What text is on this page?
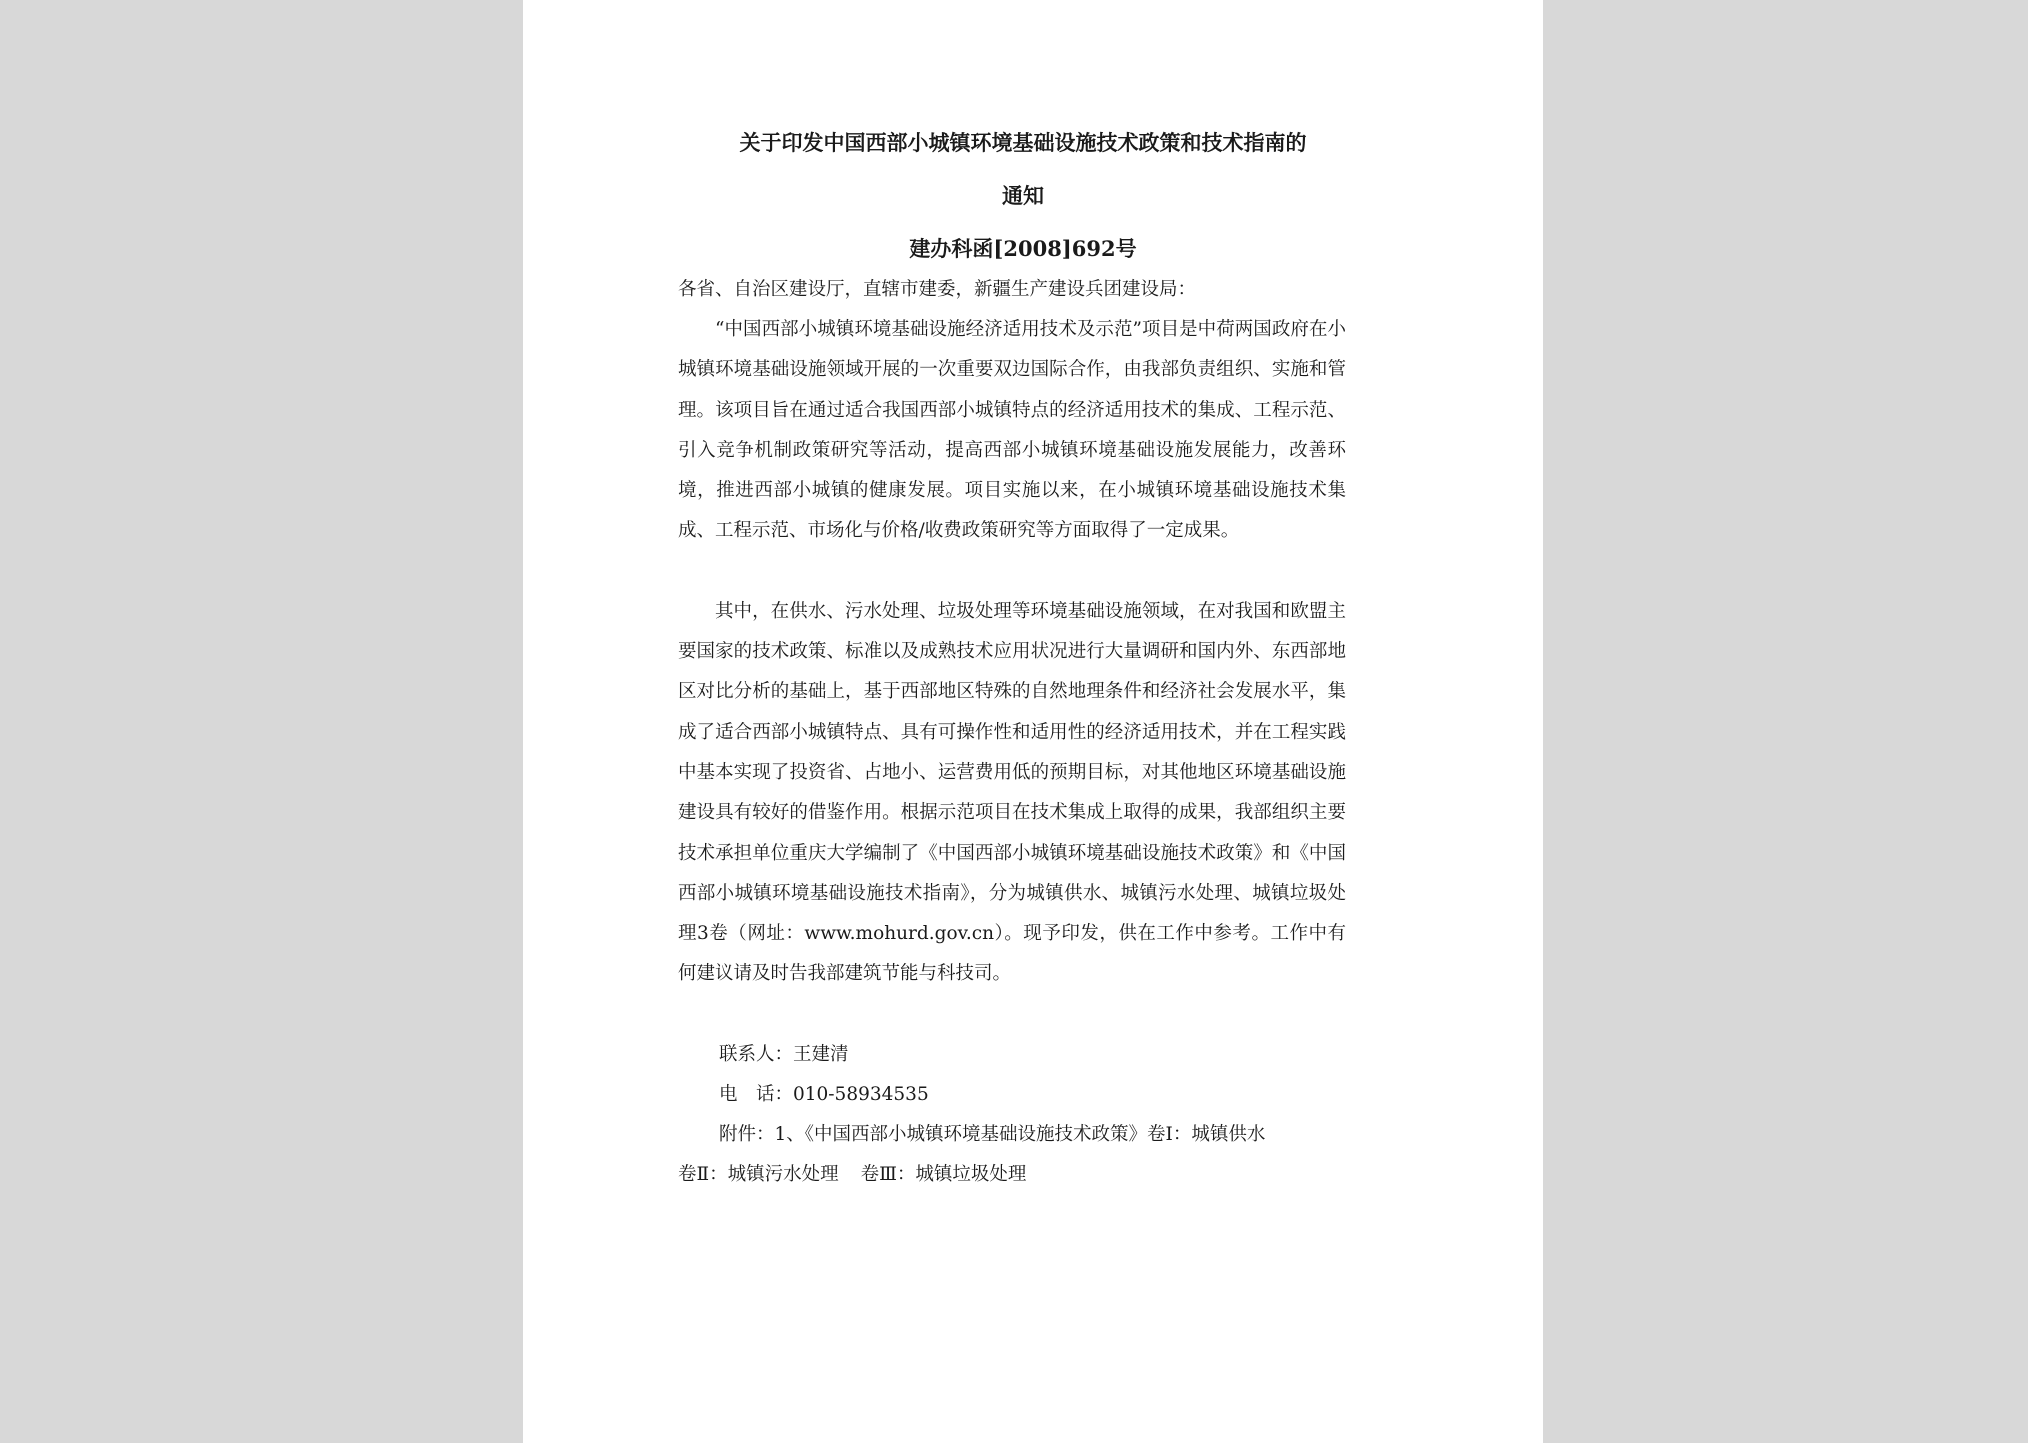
关于印发中国西部小城镇环境基础设施技术政策和技术指南的
通知
建办科函[2008]692号
各省、自治区建设厅，直辖市建委，新疆生产建设兵团建设局：

“中国西部小城镇环境基础设施经济适用技术及示范”项目是中荷两国政府在小城镇环境基础设施领域开展的一次重要双边国际合作，由我部负责组织、实施和管理。该项目旨在通过适合我国西部小城镇特点的经济适用技术的集成、工程示范、引入竞争机制政策研究等活动，提高西部小城镇环境基础设施发展能力，改善环境，推进西部小城镇的健康发展。项目实施以来，在小城镇环境基础设施技术集成、工程示范、市场化与价格/收费政策研究等方面取得了一定成果。

其中，在供水、污水处理、垃圾处理等环境基础设施领域，在对我国和欧盟主要国家的技术政策、标准以及成熟技术应用状况进行大量调研和国内外、东西部地区对比分析的基础上，基于西部地区特殊的自然地理条件和经济社会发展水平，集成了适合西部小城镇特点、具有可操作性和适用性的经济适用技术，并在工程实践中基本实现了投资省、占地小、运营费用低的预期目标，对其他地区环境基础设施建设具有较好的借鉴作用。根据示范项目在技术集成上取得的成果，我部组织主要技术承担单位重庆大学编制了《中国西部小城镇环境基础设施技术政策》和《中国西部小城镇环境基础设施技术指南》，分为城镇供水、城镇污水处理、城镇垃圾处理3卷（网址：www.mohurd.gov.cn）。现予印发，供在工作中参考。工作中有何建议请及时告我部建筑节能与科技司。

联系人：王建清
电　话：010-58934535
附件：1、《中国西部小城镇环境基础设施技术政策》卷Ⅰ：城镇供水
卷Ⅱ：城镇污水处理 卷Ⅲ：城镇垃圾处理
